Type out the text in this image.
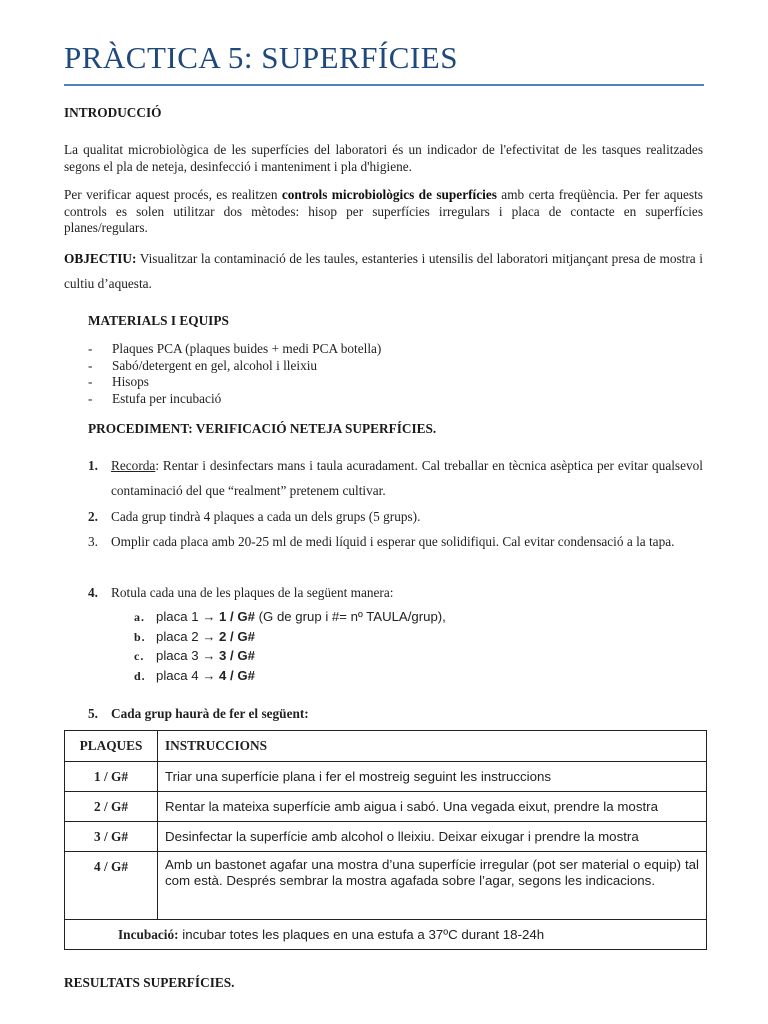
PRÀCTICA 5: SUPERFÍCIES
INTRODUCCIÓ
La qualitat microbiològica de les superfícies del laboratori és un indicador de l'efectivitat de les tasques realitzades segons el pla de neteja, desinfecció i manteniment i pla d'higiene.
Per verificar aquest procés, es realitzen controls microbiològics de superfícies amb certa freqüència. Per fer aquests controls es solen utilitzar dos mètodes: hisop per superfícies irregulars i placa de contacte en superfícies planes/regulars.
OBJECTIU: Visualitzar la contaminació de les taules, estanteries i utensilis del laboratori mitjançant presa de mostra i cultiu d’aquesta.
MATERIALS I EQUIPS
- Plaques PCA (plaques buides + medi PCA botella)
- Sabó/detergent en gel, alcohol i lleixiu
- Hisops
- Estufa per incubació
PROCEDIMENT: VERIFICACIÓ NETEJA SUPERFÍCIES.
1. Recorda: Rentar i desinfectars mans i taula acuradament. Cal treballar en tècnica asèptica per evitar qualsevol contaminació del que “realment” pretenem cultivar.
2. Cada grup tindrà 4 plaques a cada un dels grups (5 grups).
3. Omplir cada placa amb 20-25 ml de medi líquid i esperar que solidifiqui. Cal evitar condensació a la tapa.
4. Rotula cada una de les plaques de la següent manera:
a. placa 1 → 1 / G# (G de grup i #= nº TAULA/grup),
b. placa 2 → 2 / G#
c. placa 3 → 3 / G#
d. placa 4 → 4 / G#
5. Cada grup haurà de fer el següent:
PLAQUES	INSTRUCCIONS
1 / G#	Triar una superfície plana i fer el mostreig seguint les instruccions
2 / G#	Rentar la mateixa superfície amb aigua i sabó. Una vegada eixut, prendre la mostra
3 / G#	Desinfectar la superfície amb alcohol o lleixiu. Deixar eixugar i prendre la mostra
4 / G#	Amb un bastonet agafar una mostra d’una superfície irregular (pot ser material o equip) tal com està. Després sembrar la mostra agafada sobre l’agar, segons les indicacions.
Incubació: incubar totes les plaques en una estufa a 37ºC durant 18-24h	
RESULTATS SUPERFÍCIES.
